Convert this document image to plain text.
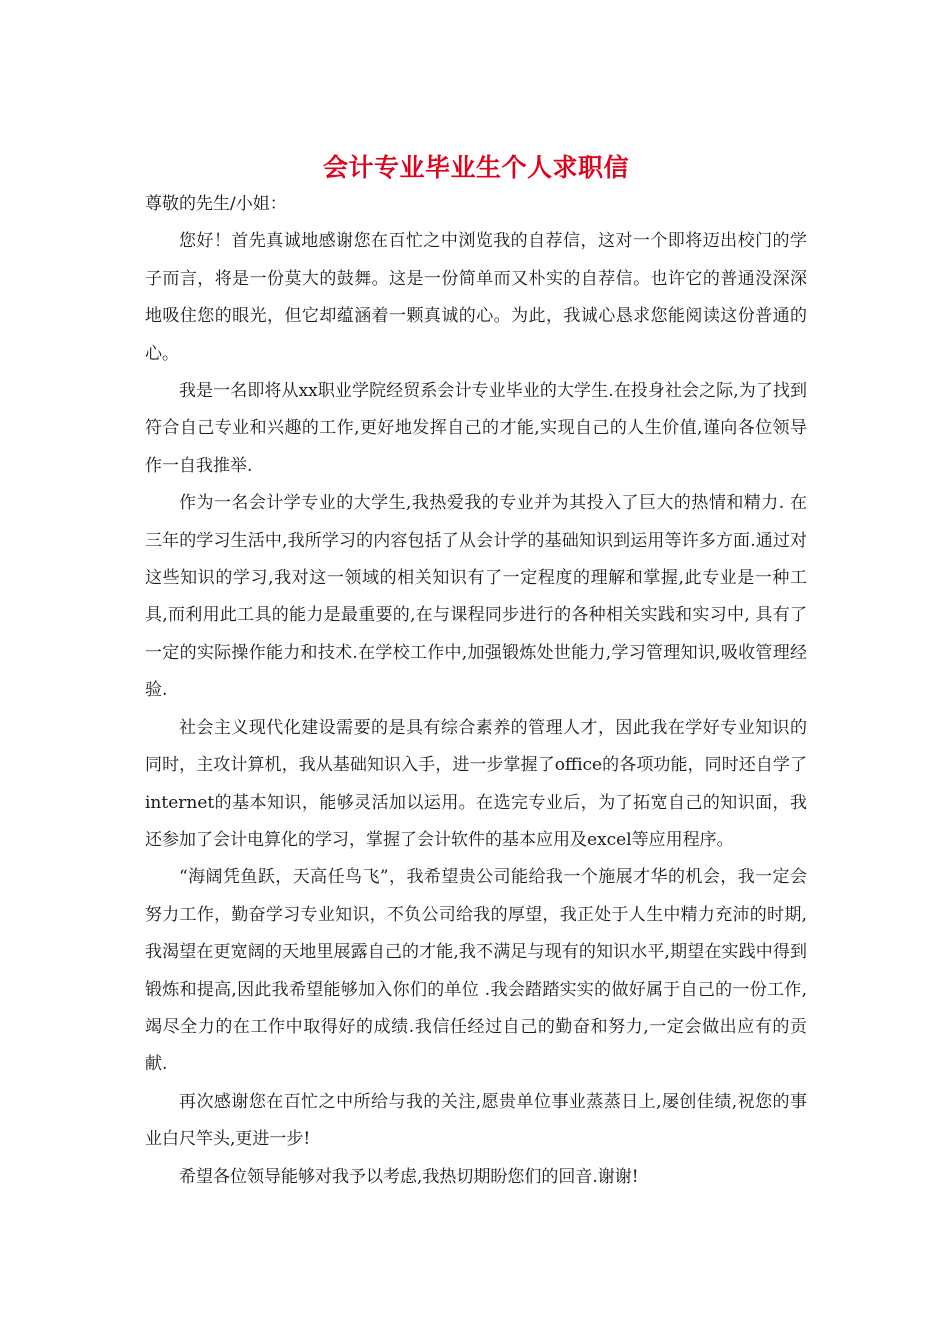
会计专业毕业生个人求职信

尊敬的先生/小姐：

您好！首先真诚地感谢您在百忙之中浏览我的自荐信，这对一个即将迈出校门的学子而言，将是一份莫大的鼓舞。这是一份简单而又朴实的自荐信。也许它的普通没深深地吸住您的眼光，但它却蕴涵着一颗真诚的心。为此，我诚心恳求您能阅读这份普通的心。

我是一名即将从xx职业学院经贸系会计专业毕业的大学生.在投身社会之际,为了找到符合自己专业和兴趣的工作,更好地发挥自己的才能,实现自己的人生价值,谨向各位领导作一自我推举.

作为一名会计学专业的大学生,我热爱我的专业并为其投入了巨大的热情和精力. 在三年的学习生活中,我所学习的内容包括了从会计学的基础知识到运用等许多方面.通过对这些知识的学习,我对这一领域的相关知识有了一定程度的理解和掌握,此专业是一种工具,而利用此工具的能力是最重要的,在与课程同步进行的各种相关实践和实习中, 具有了一定的实际操作能力和技术.在学校工作中,加强锻炼处世能力,学习管理知识,吸收管理经验.

社会主义现代化建设需要的是具有综合素养的管理人才，因此我在学好专业知识的同时，主攻计算机，我从基础知识入手，进一步掌握了office的各项功能，同时还自学了internet的基本知识，能够灵活加以运用。在选完专业后，为了拓宽自己的知识面，我还参加了会计电算化的学习，掌握了会计软件的基本应用及excel等应用程序。

“海阔凭鱼跃，天高任鸟飞”，我希望贵公司能给我一个施展才华的机会，我一定会努力工作，勤奋学习专业知识，不负公司给我的厚望，我正处于人生中精力充沛的时期,我渴望在更宽阔的天地里展露自己的才能,我不满足与现有的知识水平,期望在实践中得到锻炼和提高,因此我希望能够加入你们的单位 .我会踏踏实实的做好属于自己的一份工作,竭尽全力的在工作中取得好的成绩.我信任经过自己的勤奋和努力,一定会做出应有的贡献.

再次感谢您在百忙之中所给与我的关注,愿贵单位事业蒸蒸日上,屡创佳绩,祝您的事业白尺竿头,更进一步!

希望各位领导能够对我予以考虑,我热切期盼您们的回音.谢谢!
